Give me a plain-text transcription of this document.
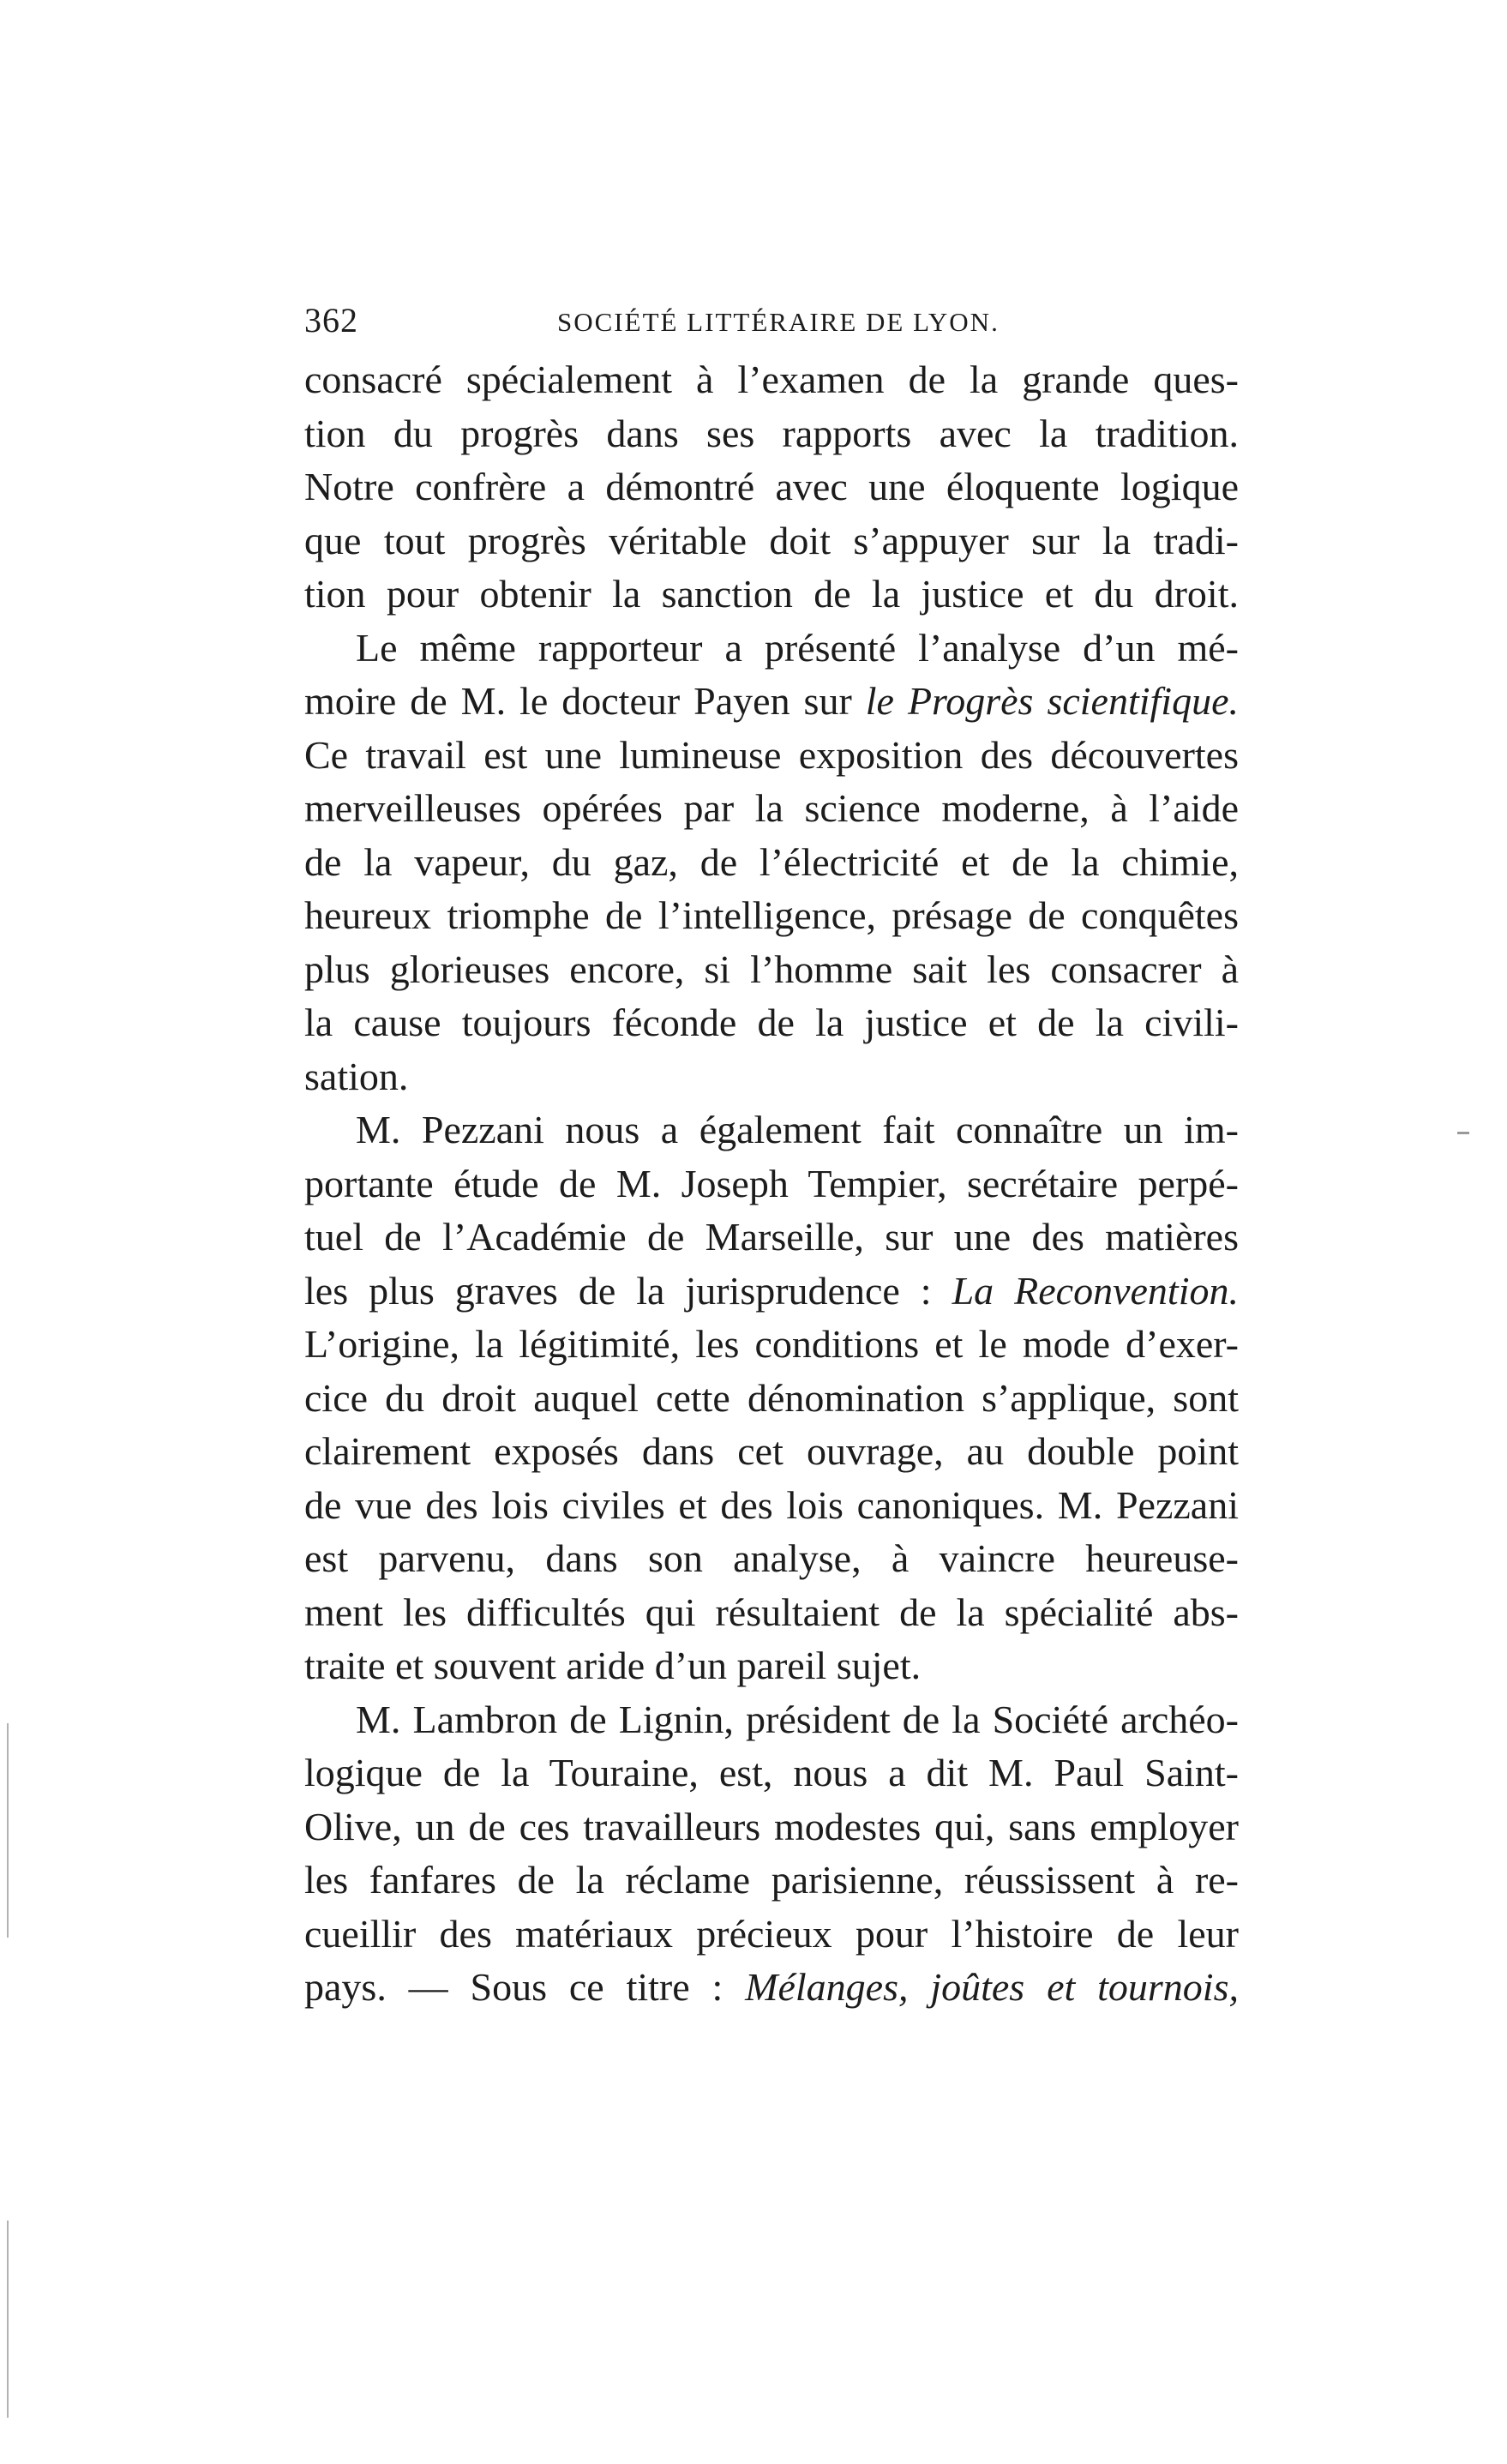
362	SOCIÉTÉ LITTÉRAIRE DE LYON.
consacré spécialement à l’examen de la grande ques-
tion du progrès dans ses rapports avec la tradition.
Notre confrère a démontré avec une éloquente logique
que tout progrès véritable doit s’appuyer sur la tradi-
tion pour obtenir la sanction de la justice et du droit.
Le même rapporteur a présenté l’analyse d’un mé-
moire de M. le docteur Payen sur le Progrès scientifique.
Ce travail est une lumineuse exposition des découvertes
merveilleuses opérées par la science moderne, à l’aide
de la vapeur, du gaz, de l’électricité et de la chimie,
heureux triomphe de l’intelligence, présage de conquêtes
plus glorieuses encore, si l’homme sait les consacrer à
la cause toujours féconde de la justice et de la civili-
sation.
M. Pezzani nous a également fait connaître un im-
portante étude de M. Joseph Tempier, secrétaire perpé-
tuel de l’Académie de Marseille, sur une des matières
les plus graves de la jurisprudence : La Reconvention.
L’origine, la légitimité, les conditions et le mode d’exer-
cice du droit auquel cette dénomination s’applique, sont
clairement exposés dans cet ouvrage, au double point
de vue des lois civiles et des lois canoniques. M. Pezzani
est parvenu, dans son analyse, à vaincre heureuse-
ment les difficultés qui résultaient de la spécialité abs-
traite et souvent aride d’un pareil sujet.
M. Lambron de Lignin, président de la Société archéo-
logique de la Touraine, est, nous a dit M. Paul Saint-
Olive, un de ces travailleurs modestes qui, sans employer
les fanfares de la réclame parisienne, réussissent à re-
cueillir des matériaux précieux pour l’histoire de leur
pays. — Sous ce titre : Mélanges, joûtes et tournois,
